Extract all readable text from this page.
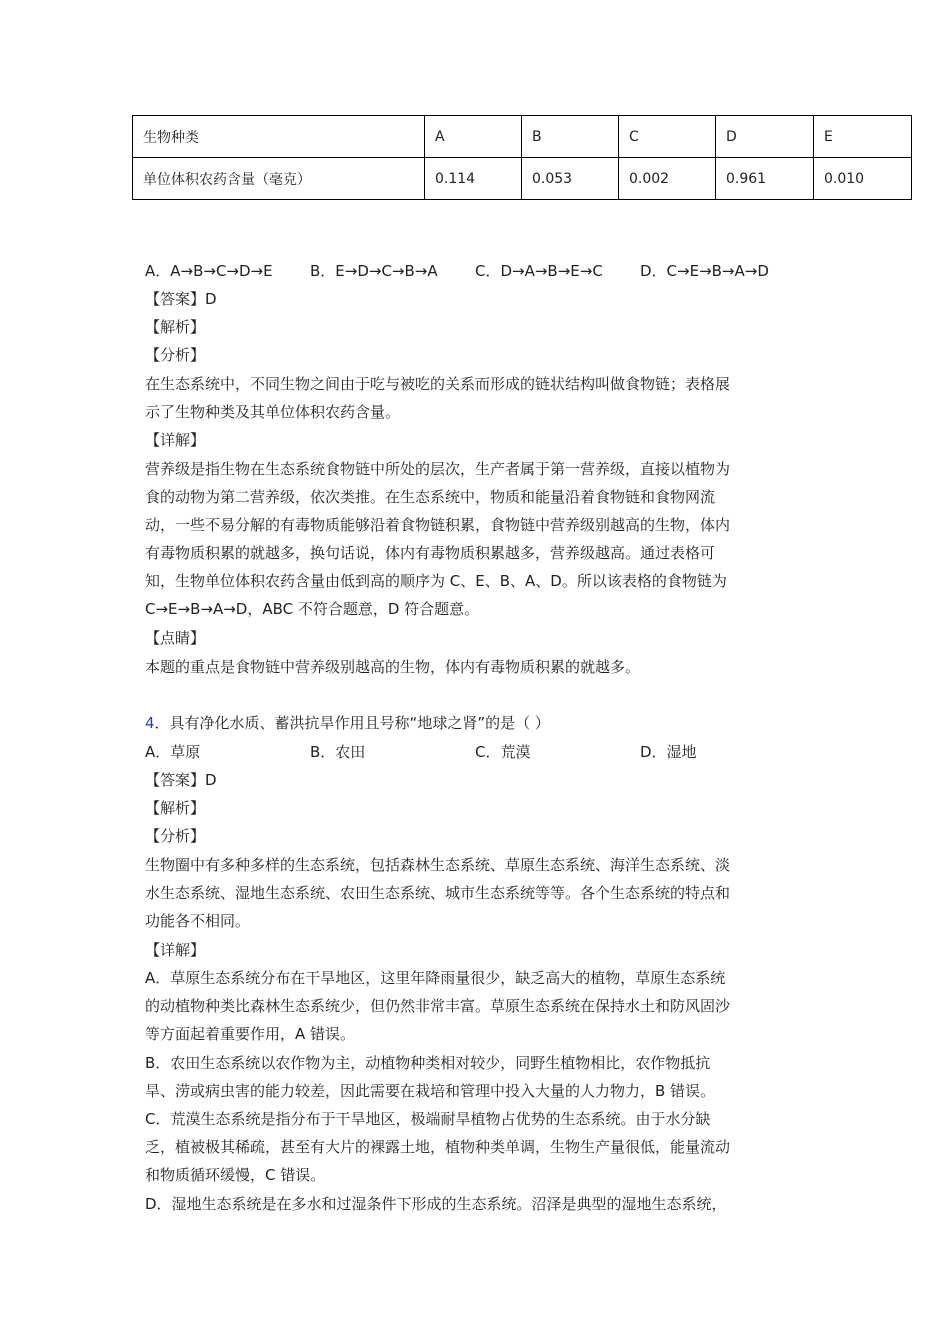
生物种类	A	B	C	D	E
单位体积农药含量（毫克）	0.114	0.053	0.002	0.961	0.010
A．A→B→C→D→E B．E→D→C→B→A C．D→A→B→E→C D．C→E→B→A→D
【答案】D
【解析】
【分析】
在生态系统中，不同生物之间由于吃与被吃的关系而形成的链状结构叫做食物链；表格展
示了生物种类及其单位体积农药含量。
【详解】
营养级是指生物在生态系统食物链中所处的层次，生产者属于第一营养级，直接以植物为
食的动物为第二营养级，依次类推。在生态系统中，物质和能量沿着食物链和食物网流
动，一些不易分解的有毒物质能够沿着食物链积累，食物链中营养级别越高的生物，体内
有毒物质积累的就越多，换句话说，体内有毒物质积累越多，营养级越高。通过表格可
知，生物单位体积农药含量由低到高的顺序为 C、E、B、A、D。所以该表格的食物链为
C→E→B→A→D，ABC 不符合题意，D 符合题意。
【点睛】
本题的重点是食物链中营养级别越高的生物，体内有毒物质积累的就越多。
4．具有净化水质、蓄洪抗旱作用且号称“地球之肾”的是（ ）
A．草原	B．农田	C．荒漠	D．湿地
【答案】D
【解析】
【分析】
生物圈中有多种多样的生态系统，包括森林生态系统、草原生态系统、海洋生态系统、淡
水生态系统、湿地生态系统、农田生态系统、城市生态系统等等。各个生态系统的特点和
功能各不相同。
【详解】
A．草原生态系统分布在干旱地区，这里年降雨量很少，缺乏高大的植物，草原生态系统
的动植物种类比森林生态系统少，但仍然非常丰富。草原生态系统在保持水土和防风固沙
等方面起着重要作用，A 错误。
B．农田生态系统以农作物为主，动植物种类相对较少，同野生植物相比，农作物抵抗
旱、涝或病虫害的能力较差，因此需要在栽培和管理中投入大量的人力物力，B 错误。
C．荒漠生态系统是指分布于干旱地区，极端耐旱植物占优势的生态系统。由于水分缺
乏，植被极其稀疏，甚至有大片的裸露土地，植物种类单调，生物生产量很低，能量流动
和物质循环缓慢，C 错误。
D．湿地生态系统是在多水和过湿条件下形成的生态系统。沼泽是典型的湿地生态系统，
